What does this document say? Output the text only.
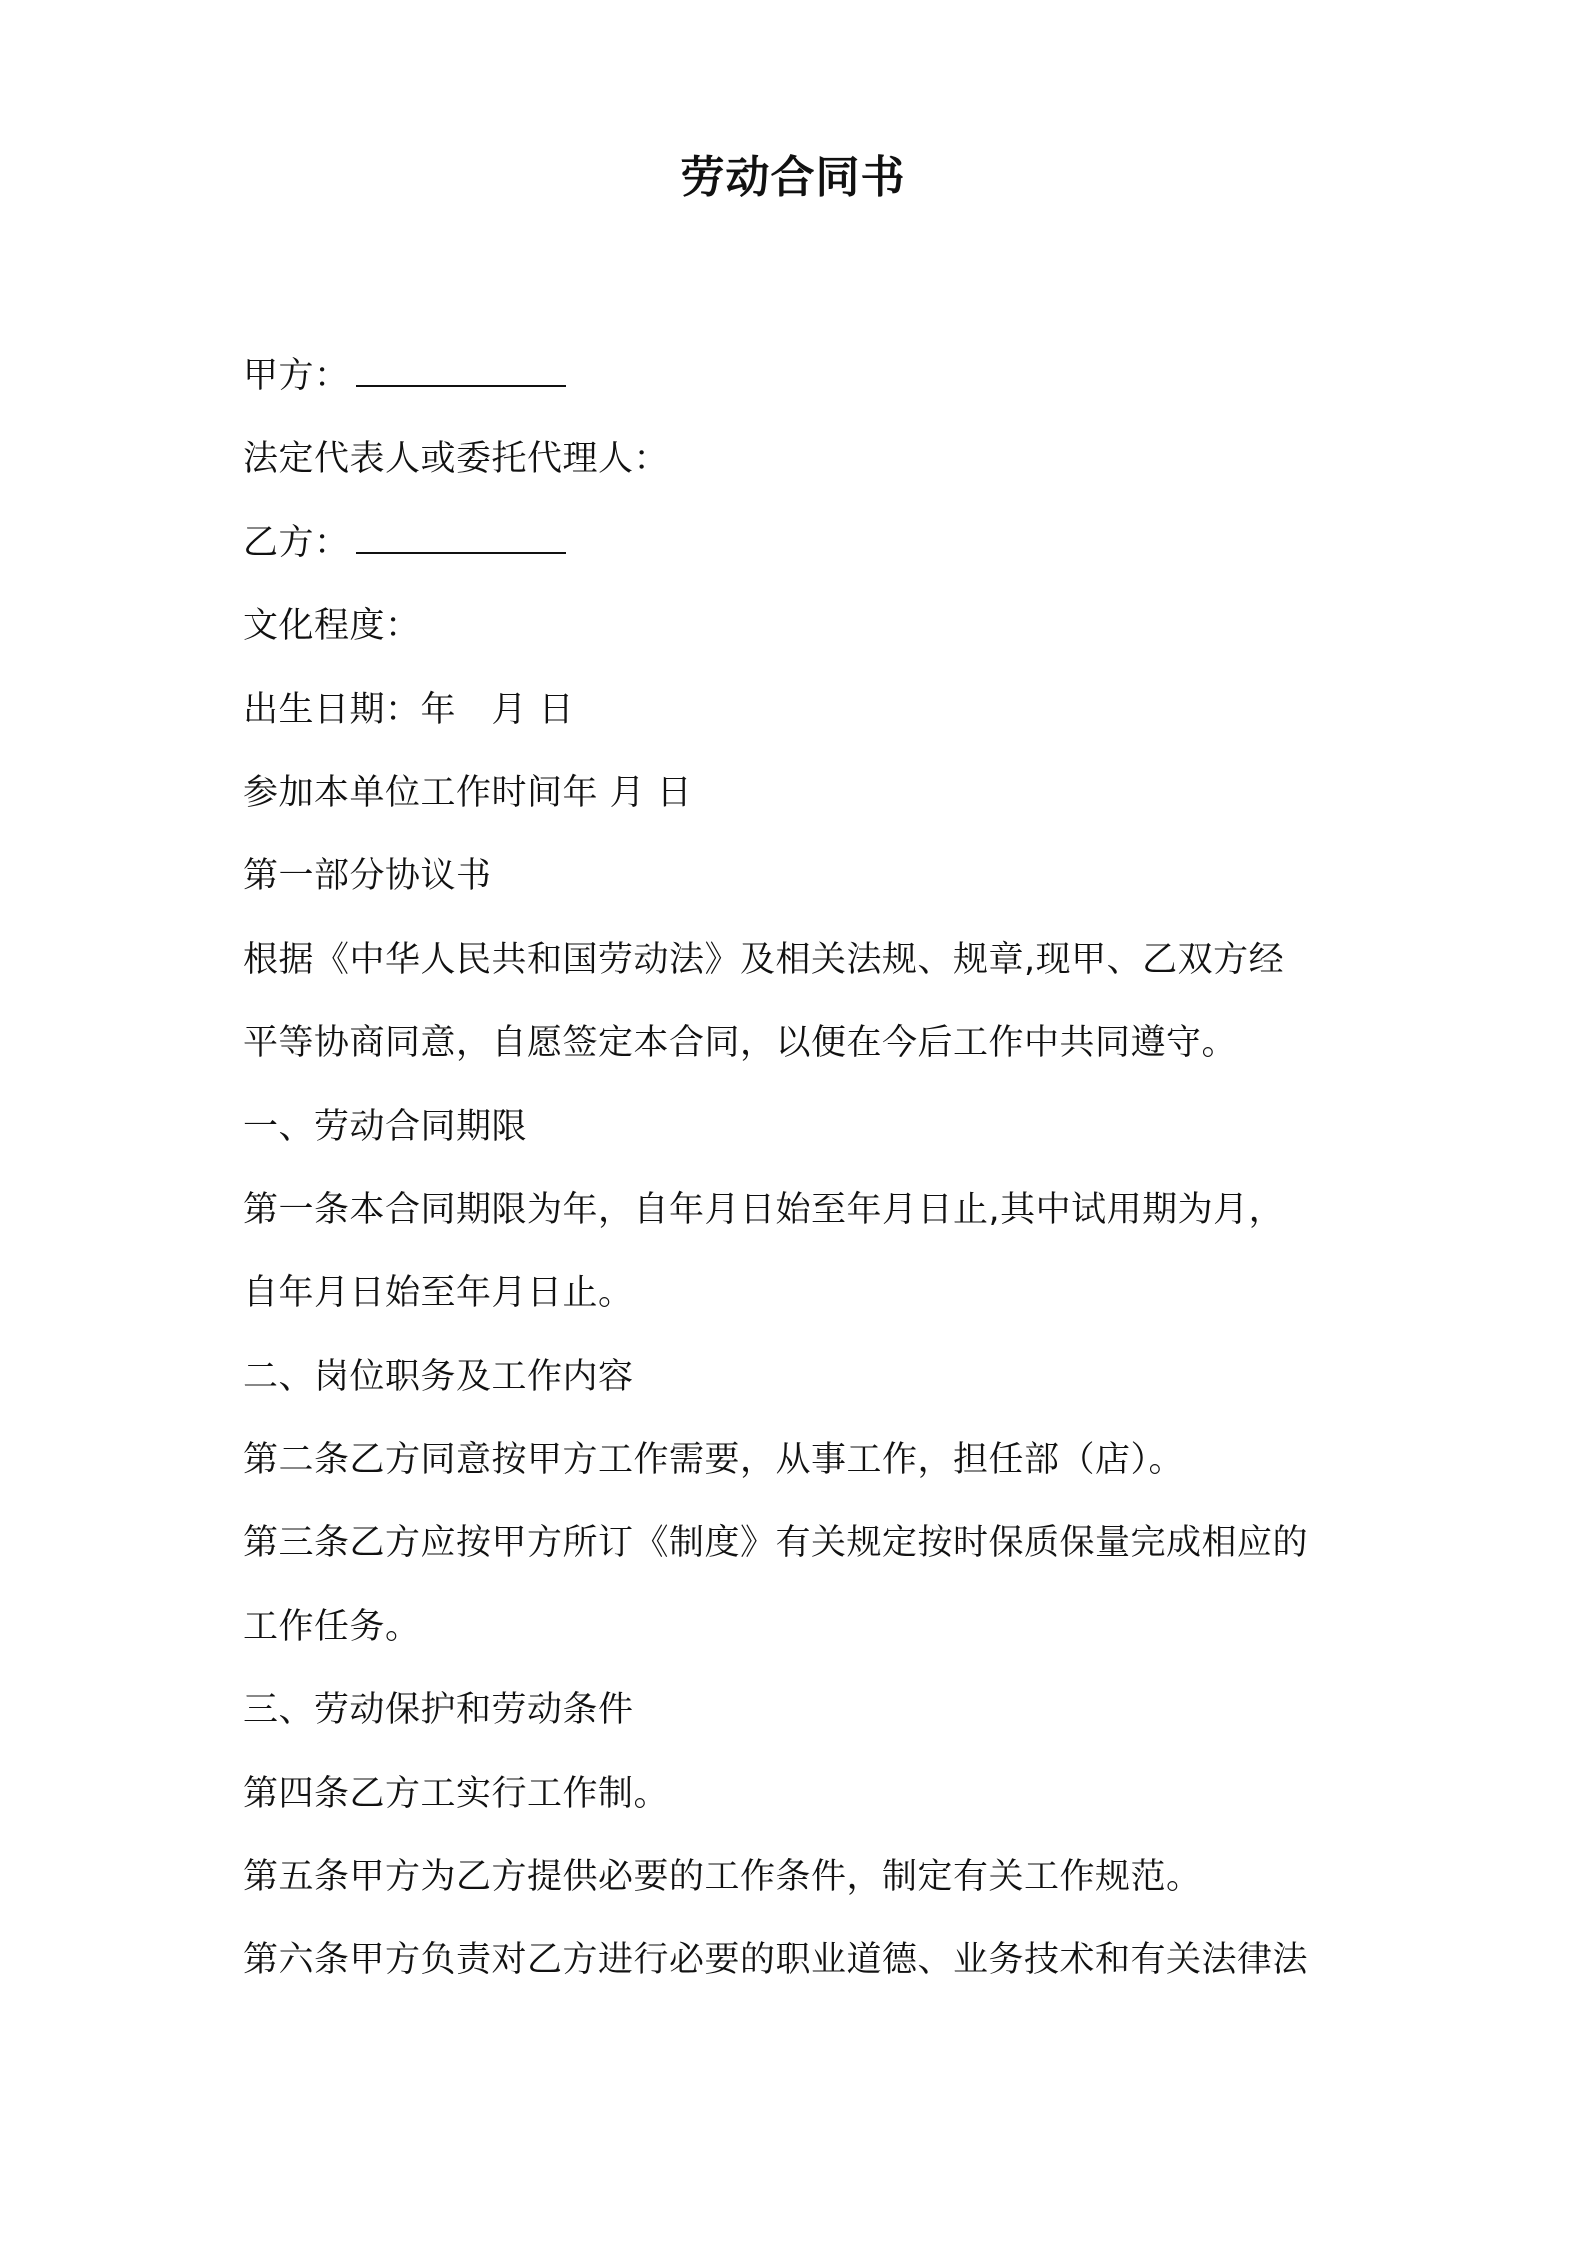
劳动合同书
甲方：
法定代表人或委托代理人：
乙方：
文化程度：
出生日期：年　月 日
参加本单位工作时间年 月 日
第一部分协议书
根据《中华人民共和国劳动法》及相关法规、规章,现甲、乙双方经
平等协商同意，自愿签定本合同，以便在今后工作中共同遵守。
一、劳动合同期限
第一条本合同期限为年，自年月日始至年月日止,其中试用期为月，
自年月日始至年月日止。
二、岗位职务及工作内容
第二条乙方同意按甲方工作需要，从事工作，担任部（店）。
第三条乙方应按甲方所订《制度》有关规定按时保质保量完成相应的
工作任务。
三、劳动保护和劳动条件
第四条乙方工实行工作制。
第五条甲方为乙方提供必要的工作条件，制定有关工作规范。
第六条甲方负责对乙方进行必要的职业道德、业务技术和有关法律法
